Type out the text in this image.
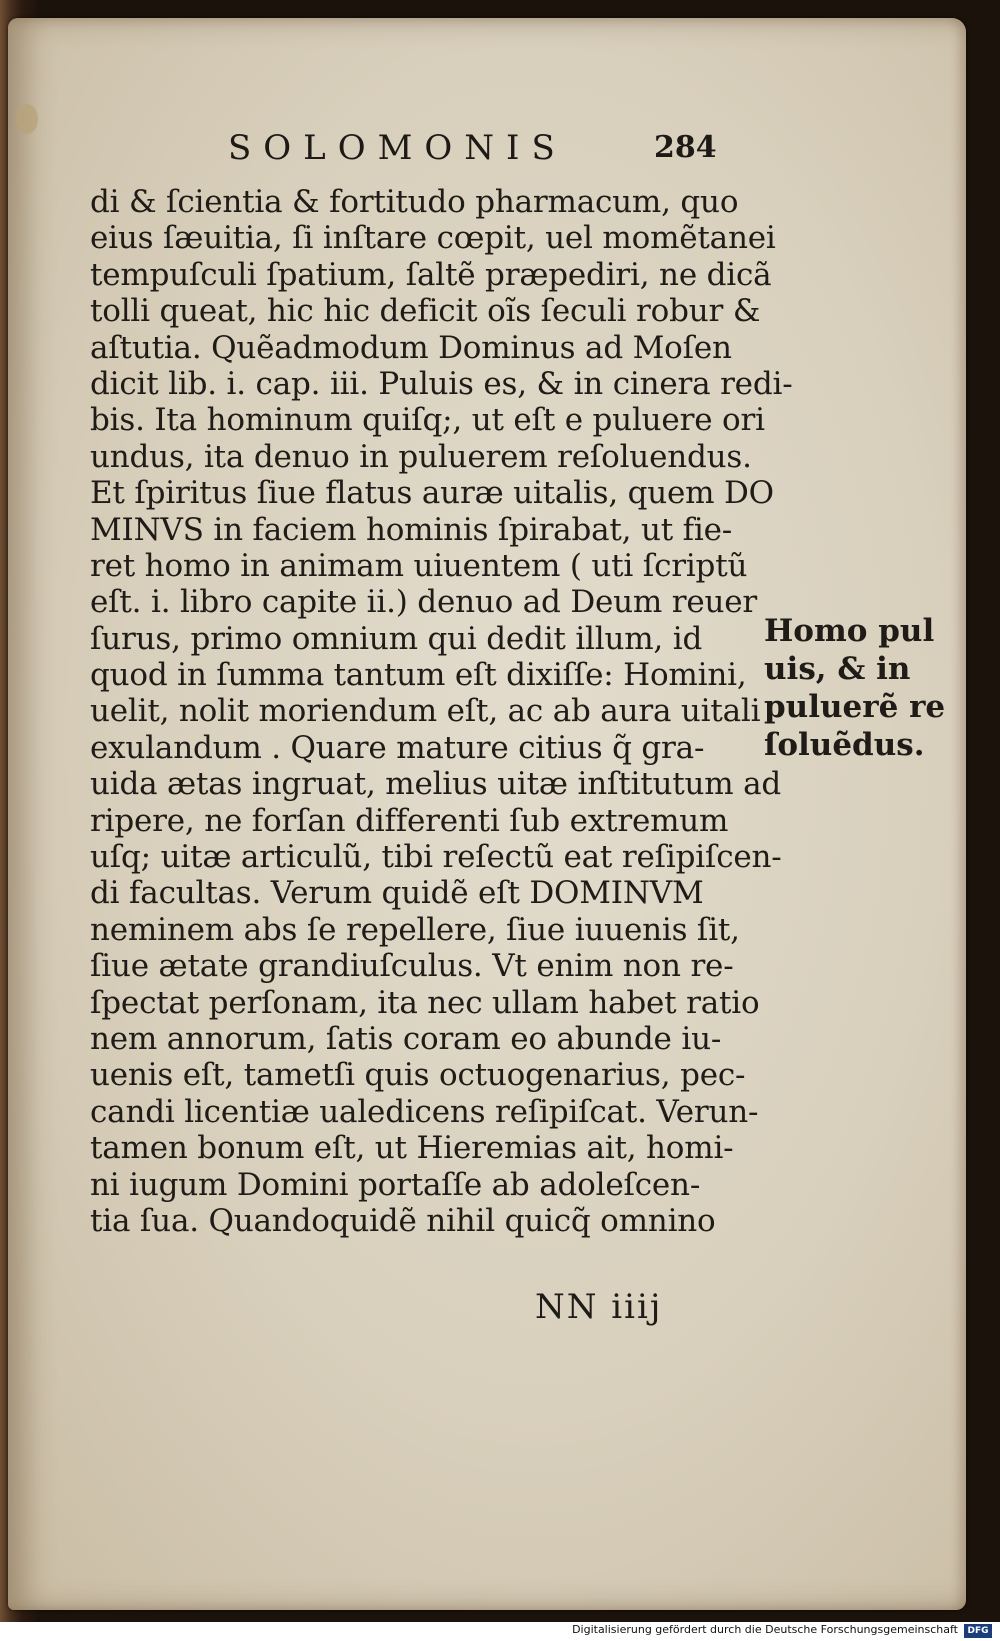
SOLOMONIS	284
di & ſcientia & fortitudo pharmacum, quo
eius ſæuitia, ſi inſtare cœpit, uel momẽtanei
tempuſculi ſpatium, ſaltẽ præpediri, ne dicã
tolli queat, hic hic deficit oĩs ſeculi robur &
aſtutia. Quẽadmodum Dominus ad Moſen
dicit lib. i. cap. iii. Puluis es, & in cinera redi-
bis. Ita hominum quiſq;, ut eſt e puluere ori
undus, ita denuo in puluerem reſoluendus.
Et ſpiritus ſiue flatus auræ uitalis, quem DO
MINVS in faciem hominis ſpirabat, ut fie-
ret homo in animam uiuentem ( uti ſcriptũ
eſt. i. libro capite ii.) denuo ad Deum reuer
ſurus, primo omnium qui dedit illum, id
quod in ſumma tantum eſt dixiſſe: Homini,
uelit, nolit moriendum eſt, ac ab aura uitali
exulandum . Quare mature citius q̃ gra-
uida ætas ingruat, melius uitæ inſtitutum ad
ripere, ne forſan differenti ſub extremum
uſq; uitæ articulũ, tibi reſectũ eat reſipiſcen-
di facultas. Verum quidẽ eſt DOMINVM
neminem abs ſe repellere, ſiue iuuenis ſit,
ſiue ætate grandiuſculus. Vt enim non re-
ſpectat perſonam, ita nec ullam habet ratio
nem annorum, ſatis coram eo abunde iu-
uenis eſt, tametſi quis octuogenarius, pec-
candi licentiæ ualedicens reſipiſcat. Verun-
tamen bonum eſt, ut Hieremias ait, homi-
ni iugum Domini portaſſe ab adoleſcen-
tia ſua. Quandoquidẽ nihil quicq̃ omnino
Homo pul
uis, & in
puluerẽ re
ſoluẽdus.
NN iiij
Digitalisierung gefördert durch die Deutsche Forschungsgemeinschaft	DFG
